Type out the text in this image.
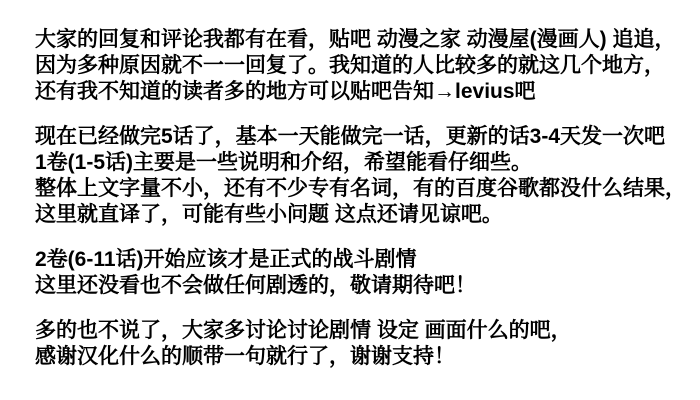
大家的回复和评论我都有在看，贴吧 动漫之家 动漫屋(漫画人) 追追，
因为多种原因就不一一回复了。我知道的人比较多的就这几个地方，
还有我不知道的读者多的地方可以贴吧告知→levius吧
现在已经做完5话了，基本一天能做完一话，更新的话3-4天发一次吧
1卷(1-5话)主要是一些说明和介绍，希望能看仔细些。
整体上文字量不小，还有不少专有名词，有的百度谷歌都没什么结果，
这里就直译了，可能有些小问题 这点还请见谅吧。
2卷(6-11话)开始应该才是正式的战斗剧情
这里还没看也不会做任何剧透的，敬请期待吧！
多的也不说了，大家多讨论讨论剧情 设定 画面什么的吧，
感谢汉化什么的顺带一句就行了，谢谢支持！
